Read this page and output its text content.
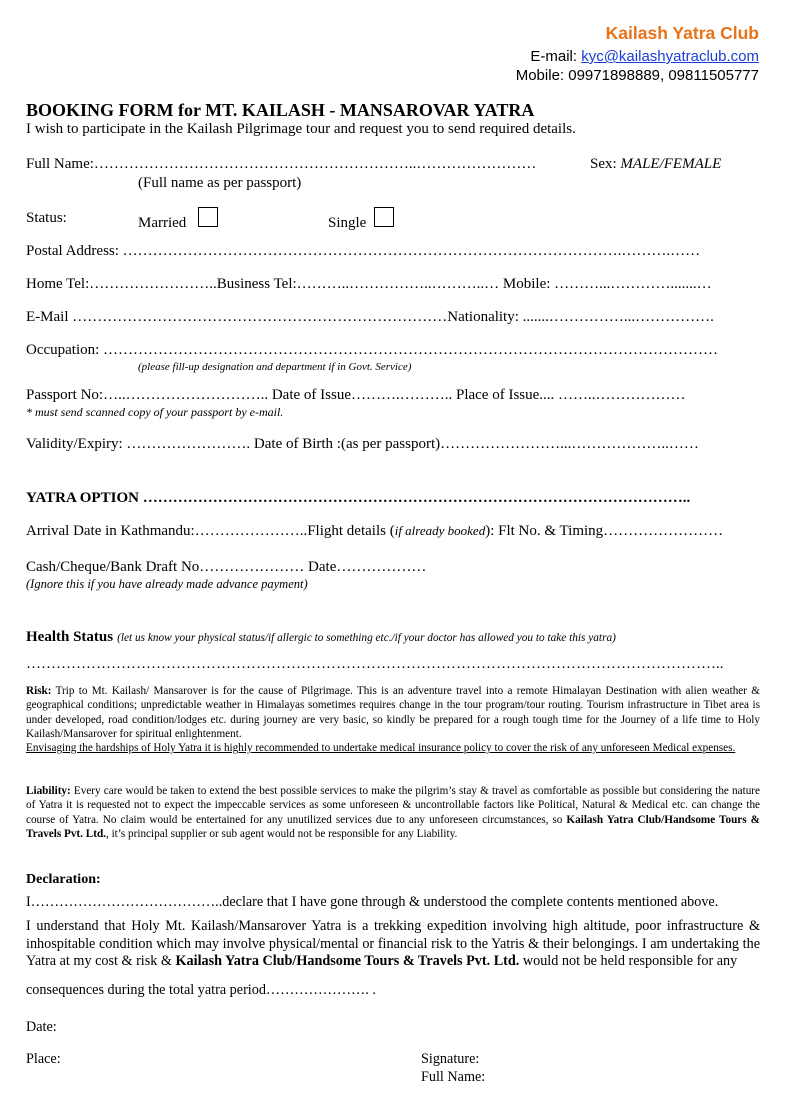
Kailash Yatra Club
E-mail: kyc@kailashyatraclub.com
Mobile: 09971898889, 09811505777
BOOKING FORM for MT. KAILASH - MANSAROVAR YATRA
I wish to participate in the Kailash Pilgrimage tour and request you to send required details.
Full Name:………………………………………………………..……………………	Sex: MALE/FEMALE
(Full name as per passport)
Status:	Married	Single
Postal Address: ……………………………………………………………………………………….……….……
Home Tel:……………………..Business Tel:………..……………..………..… Mobile: ………...………….......…
E-Mail …………………………………………………………………Nationality: .......……………...…………….
Occupation: ……………………………………………………………………………………………………………
(please fill-up designation and department if in Govt. Service)
Passport No:…..……………………….. Date of Issue……….……….. Place of Issue.... ……..………………
* must send scanned copy of your passport by e-mail.
Validity/Expiry: ……………………. Date of Birth :(as per passport)……………………...………………..……
YATRA OPTION ………………………………………………………………………………………………..
Arrival Date in Kathmandu:…………………..Flight details (if already booked): Flt No. & Timing……………………
Cash/Cheque/Bank Draft No………………… Date………………
(Ignore this if you have already made advance payment)
Health Status (let us know your physical status/if allergic to something etc./if your doctor has allowed you to take this yatra)
…………………………………………………………………………………………………………………………..
Risk: Trip to Mt. Kailash/ Mansarover is for the cause of Pilgrimage. This is an adventure travel into a remote Himalayan Destination with alien weather & geographical conditions; unpredictable weather in Himalayas sometimes requires change in the tour program/tour routing. Tourism infrastructure in Tibet area is under developed, road condition/lodges etc. during journey are very basic, so kindly be prepared for a rough tough time for the Journey of a life time to Holy Kailash/Mansarover for spiritual enlightenment.
Envisaging the hardships of Holy Yatra it is highly recommended to undertake medical insurance policy to cover the risk of any unforeseen Medical expenses.
Liability: Every care would be taken to extend the best possible services to make the pilgrim’s stay & travel as comfortable as possible but considering the nature of Yatra it is requested not to expect the impeccable services as some unforeseen & uncontrollable factors like Political, Natural & Medical etc. can change the course of Yatra. No claim would be entertained for any unutilized services due to any unforeseen circumstances, so Kailash Yatra Club/Handsome Tours & Travels Pvt. Ltd., it’s principal supplier or sub agent would not be responsible for any Liability.
Declaration:
I…………………………………..declare that I have gone through & understood the complete contents mentioned above.
I understand that Holy Mt. Kailash/Mansarover Yatra is a trekking expedition involving high altitude, poor infrastructure & inhospitable condition which may involve physical/mental or financial risk to the Yatris & their belongings. I am undertaking the Yatra at my cost & risk & Kailash Yatra Club/Handsome Tours & Travels Pvt. Ltd. would not be held responsible for any
consequences during the total yatra period…………………. .
Date:
Place:	Signature:
Full Name:
